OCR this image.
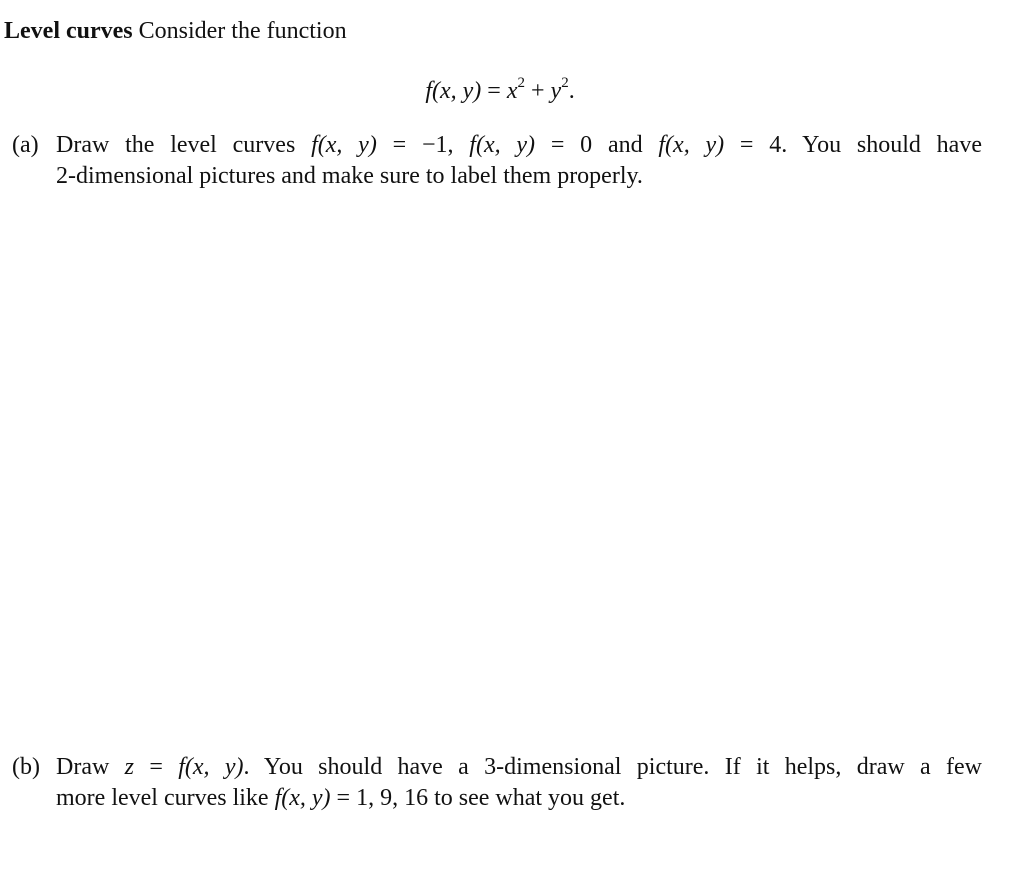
Level curves Consider the function

f(x, $y) = x^2 + y^2$.
(a) Draw the level curves f(x, y) = −1, f(x, y) = 0 and f(x, y) = 4. You should have
2-dimensional pictures and make sure to label them properly.
(b) Draw z = f(x, y). You should have a 3-dimensional picture. If it helps, draw a few
more level curves like f(x, y) = 1, 9, 16 to see what you get.
